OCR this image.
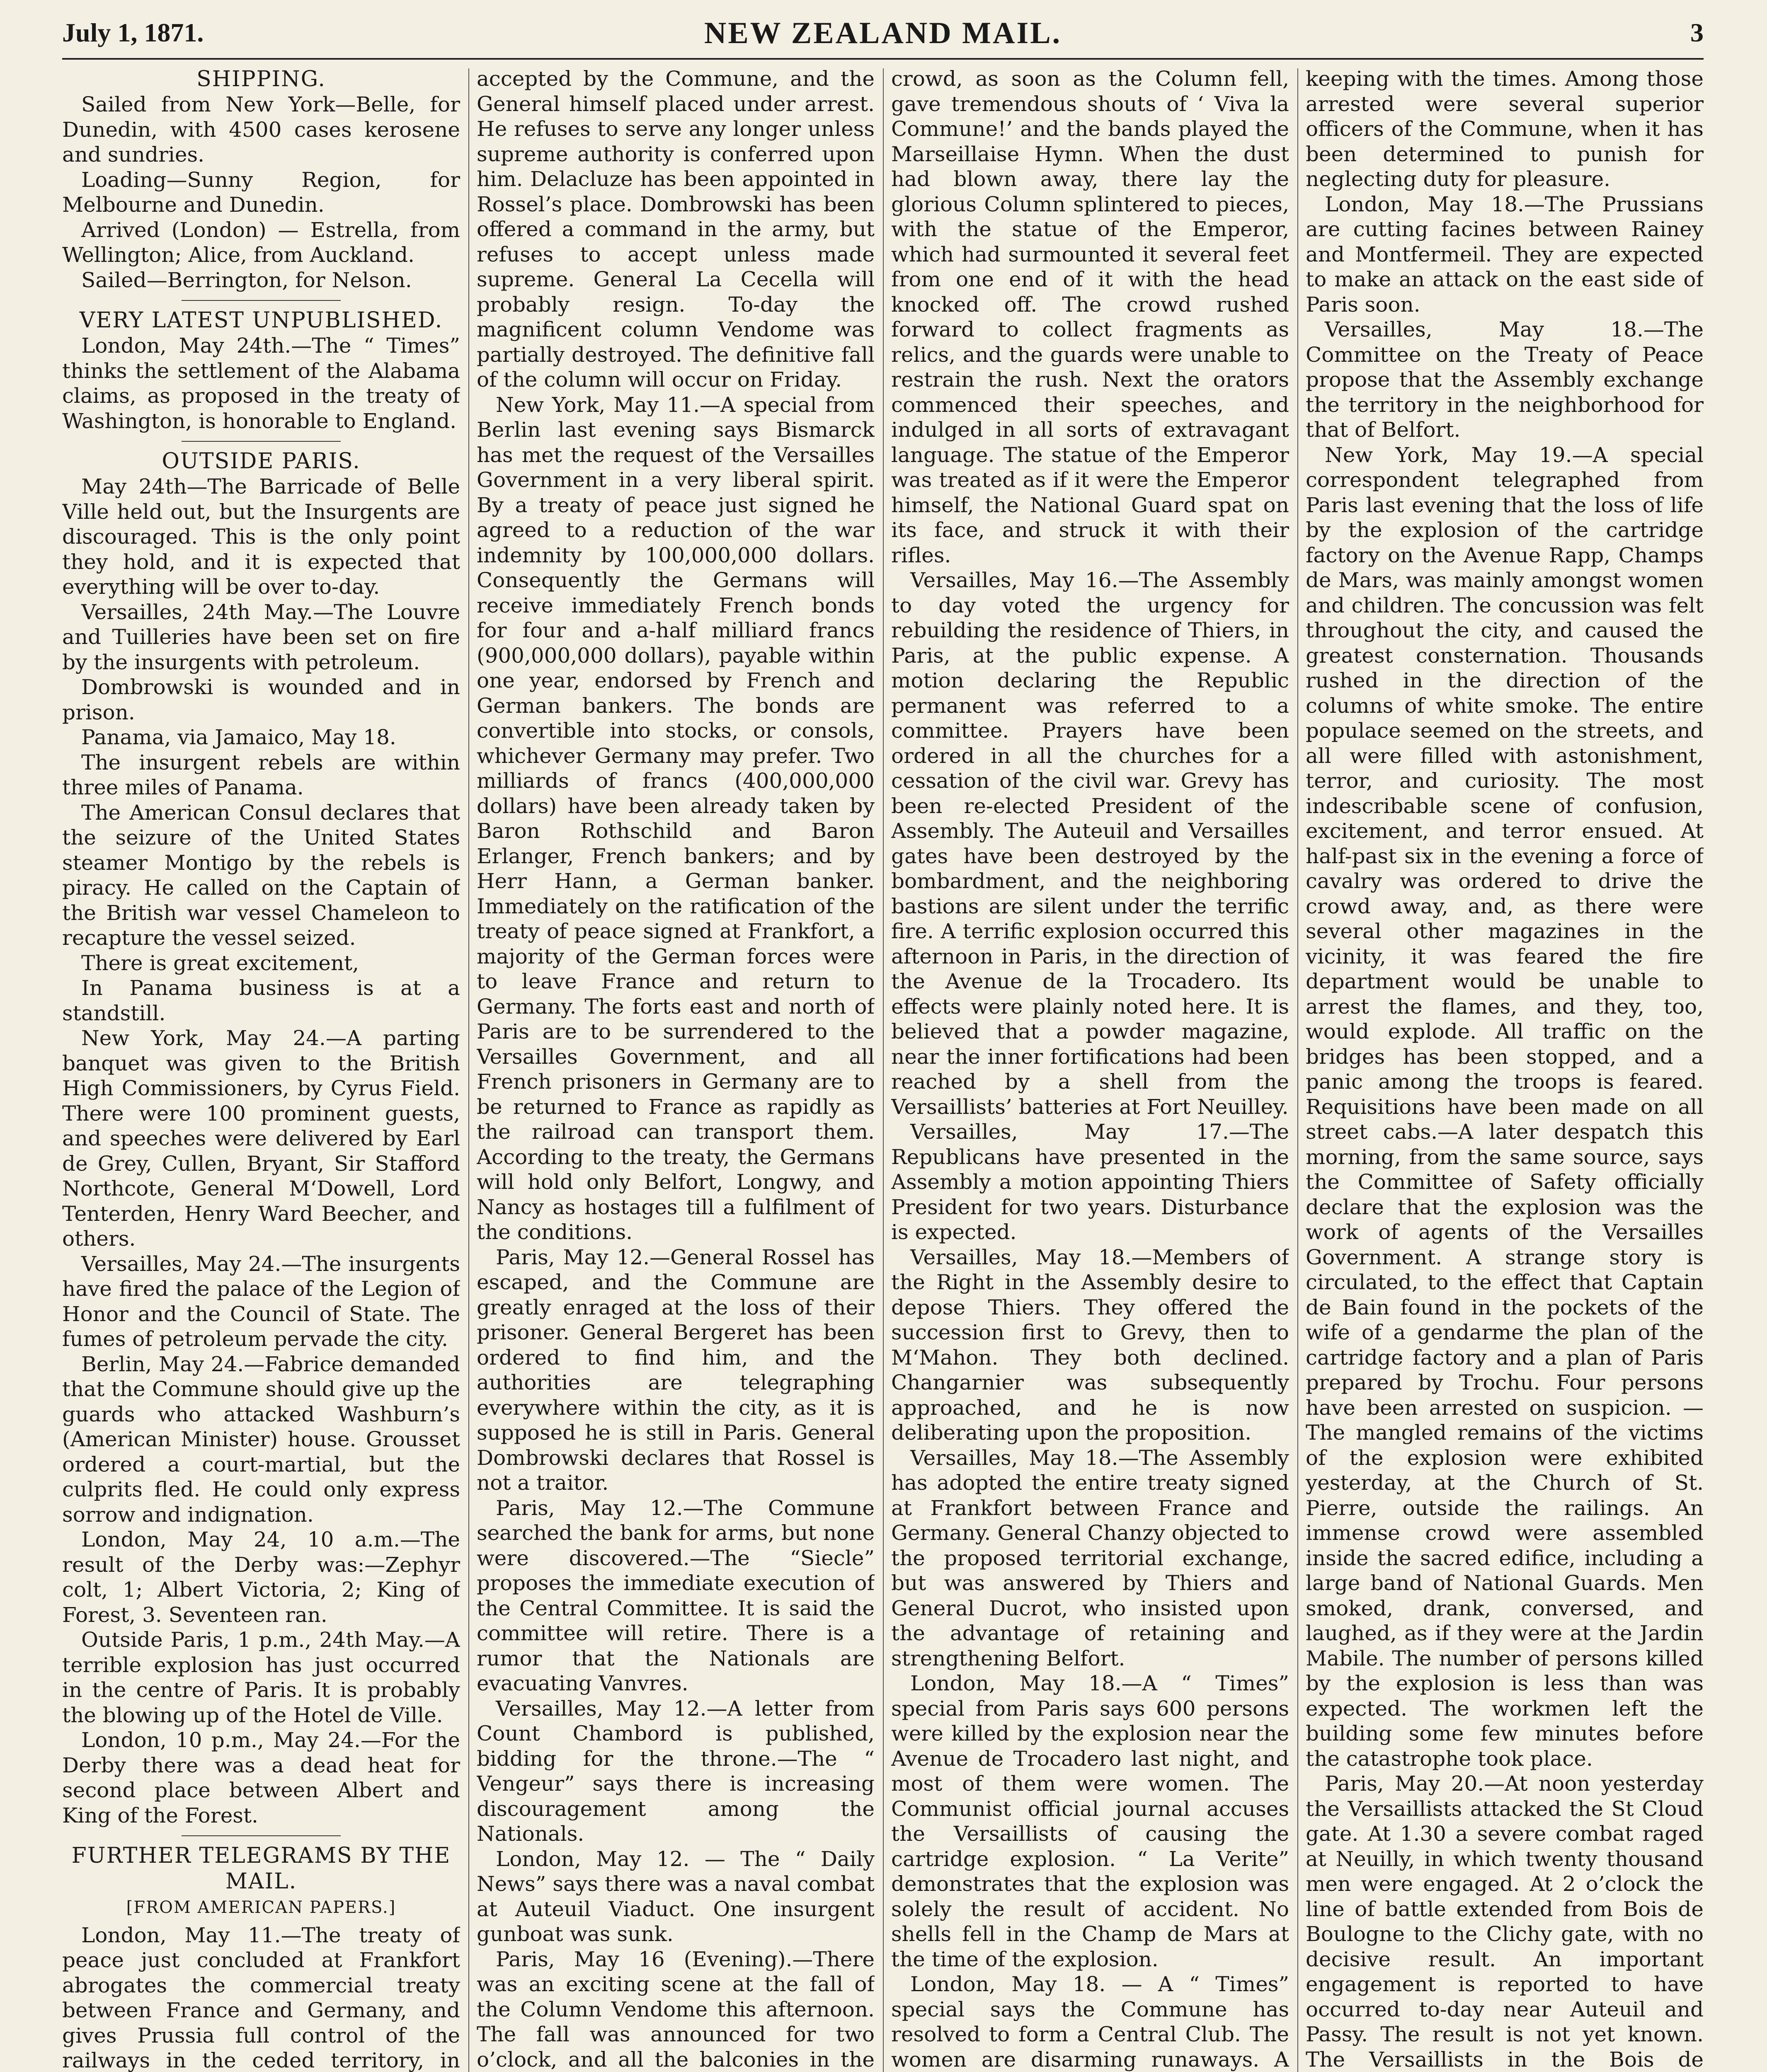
July 1, 1871.	NEW ZEALAND MAIL.	3
SHIPPING.

Sailed from New York—Belle, for Dunedin, with 4500 cases kerosene and sundries.

Loading—Sunny Region, for Melbourne and Dunedin.

Arrived (London) — Estrella, from Wellington; Alice, from Auckland.

Sailed—Berrington, for Nelson.

VERY LATEST UNPUBLISHED.

London, May 24th.—The “ Times” thinks the settlement of the Alabama claims, as proposed in the treaty of Washington, is honorable to England.

OUTSIDE PARIS.

May 24th—The Barricade of Belle Ville held out, but the Insurgents are discouraged. This is the only point they hold, and it is expected that everything will be over to-day.

Versailles, 24th May.—The Louvre and Tuilleries have been set on fire by the insurgents with petroleum.

Dombrowski is wounded and in prison.

Panama, via Jamaico, May 18.

The insurgent rebels are within three miles of Panama.

The American Consul declares that the seizure of the United States steamer Montigo by the rebels is piracy. He called on the Captain of the British war vessel Chameleon to recapture the vessel seized.

There is great excitement,

In Panama business is at a standstill.

New York, May 24.—A parting banquet was given to the British High Commissioners, by Cyrus Field. There were 100 prominent guests, and speeches were delivered by Earl de Grey, Cullen, Bryant, Sir Stafford Northcote, General M‘Dowell, Lord Tenterden, Henry Ward Beecher, and others.

Versailles, May 24.—The insurgents have fired the palace of the Legion of Honor and the Council of State. The fumes of petroleum pervade the city.

Berlin, May 24.—Fabrice demanded that the Commune should give up the guards who attacked Washburn’s (American Minister) house. Grousset ordered a court-martial, but the culprits fled. He could only express sorrow and indignation.

London, May 24, 10 a.m.—The result of the Derby was:—Zephyr colt, 1; Albert Victoria, 2; King of Forest, 3. Seventeen ran.

Outside Paris, 1 p.m., 24th May.—A terrible explosion has just occurred in the centre of Paris. It is probably the blowing up of the Hotel de Ville.

London, 10 p.m., May 24.—For the Derby there was a dead heat for second place between Albert and King of the Forest.

FURTHER TELEGRAMS BY THE MAIL.
[FROM AMERICAN PAPERS.]

London, May 11.—The treaty of peace just concluded at Frankfort abrogates the commercial treaty between France and Germany, and gives Prussia full control of the railways in the ceded territory, in

accepted by the Commune, and the General himself placed under arrest. He refuses to serve any longer unless supreme authority is conferred upon him. Delacluze has been appointed in Rossel’s place. Dombrowski has been offered a command in the army, but refuses to accept unless made supreme. General La Cecella will probably resign. To-day the magnificent column Vendome was partially destroyed. The definitive fall of the column will occur on Friday.

New York, May 11.—A special from Berlin last evening says Bismarck has met the request of the Versailles Government in a very liberal spirit. By a treaty of peace just signed he agreed to a reduction of the war indemnity by 100,000,000 dollars. Consequently the Germans will receive immediately French bonds for four and a-half milliard francs (900,000,000 dollars), payable within one year, endorsed by French and German bankers. The bonds are convertible into stocks, or consols, whichever Germany may prefer. Two milliards of francs (400,000,000 dollars) have been already taken by Baron Rothschild and Baron Erlanger, French bankers; and by Herr Hann, a German banker. Immediately on the ratification of the treaty of peace signed at Frankfort, a majority of the German forces were to leave France and return to Germany. The forts east and north of Paris are to be surrendered to the Versailles Government, and all French prisoners in Germany are to be returned to France as rapidly as the railroad can transport them. According to the treaty, the Germans will hold only Belfort, Longwy, and Nancy as hostages till a fulfilment of the conditions.

Paris, May 12.—General Rossel has escaped, and the Commune are greatly enraged at the loss of their prisoner. General Bergeret has been ordered to find him, and the authorities are telegraphing everywhere within the city, as it is supposed he is still in Paris. General Dombrowski declares that Rossel is not a traitor.

Paris, May 12.—The Commune searched the bank for arms, but none were discovered.—The “Siecle” proposes the immediate execution of the Central Committee. It is said the committee will retire. There is a rumor that the Nationals are evacuating Vanvres.

Versailles, May 12.—A letter from Count Chambord is published, bidding for the throne.—The “ Vengeur” says there is increasing discouragement among the Nationals.

London, May 12. — The “ Daily News” says there was a naval combat at Auteuil Viaduct. One insurgent gunboat was sunk.

Paris, May 16 (Evening).—There was an exciting scene at the fall of the Column Vendome this afternoon. The fall was announced for two o’clock, and all the balconies in the

crowd, as soon as the Column fell, gave tremendous shouts of ‘ Viva la Commune!’ and the bands played the Marseillaise Hymn. When the dust had blown away, there lay the glorious Column splintered to pieces, with the statue of the Emperor, which had surmounted it several feet from one end of it with the head knocked off. The crowd rushed forward to collect fragments as relics, and the guards were unable to restrain the rush. Next the orators commenced their speeches, and indulged in all sorts of extravagant language. The statue of the Emperor was treated as if it were the Emperor himself, the National Guard spat on its face, and struck it with their rifles.

Versailles, May 16.—The Assembly to day voted the urgency for rebuilding the residence of Thiers, in Paris, at the public expense. A motion declaring the Republic permanent was referred to a committee. Prayers have been ordered in all the churches for a cessation of the civil war. Grevy has been re-elected President of the Assembly. The Auteuil and Versailles gates have been destroyed by the bombardment, and the neighboring bastions are silent under the terrific fire. A terrific explosion occurred this afternoon in Paris, in the direction of the Avenue de la Trocadero. Its effects were plainly noted here. It is believed that a powder magazine, near the inner fortifications had been reached by a shell from the Versaillists’ batteries at Fort Neuilley.

Versailles, May 17.—The Republicans have presented in the Assembly a motion appointing Thiers President for two years. Disturbance is expected.

Versailles, May 18.—Members of the Right in the Assembly desire to depose Thiers. They offered the succession first to Grevy, then to M‘Mahon. They both declined. Changarnier was subsequently approached, and he is now deliberating upon the proposition.

Versailles, May 18.—The Assembly has adopted the entire treaty signed at Frankfort between France and Germany. General Chanzy objected to the proposed territorial exchange, but was answered by Thiers and General Ducrot, who insisted upon the advantage of retaining and strengthening Belfort.

London, May 18.—A “ Times” special from Paris says 600 persons were killed by the explosion near the Avenue de Trocadero last night, and most of them were women. The Communist official journal accuses the Versaillists of causing the cartridge explosion. “ La Verite” demonstrates that the explosion was solely the result of accident. No shells fell in the Champ de Mars at the time of the explosion.

London, May 18. — A “ Times” special says the Commune has resolved to form a Central Club. The women are disarming runaways. A

keeping with the times. Among those arrested were several superior officers of the Commune, when it has been determined to punish for neglecting duty for pleasure.

London, May 18.—The Prussians are cutting facines between Rainey and Montfermeil. They are expected to make an attack on the east side of Paris soon.

Versailles, May 18.—The Committee on the Treaty of Peace propose that the Assembly exchange the territory in the neighborhood for that of Belfort.

New York, May 19.—A special correspondent telegraphed from Paris last evening that the loss of life by the explosion of the cartridge factory on the Avenue Rapp, Champs de Mars, was mainly amongst women and children. The concussion was felt throughout the city, and caused the greatest consternation. Thousands rushed in the direction of the columns of white smoke. The entire populace seemed on the streets, and all were filled with astonishment, terror, and curiosity. The most indescribable scene of confusion, excitement, and terror ensued. At half-past six in the evening a force of cavalry was ordered to drive the crowd away, and, as there were several other magazines in the vicinity, it was feared the fire department would be unable to arrest the flames, and they, too, would explode. All traffic on the bridges has been stopped, and a panic among the troops is feared. Requisitions have been made on all street cabs.—A later despatch this morning, from the same source, says the Committee of Safety officially declare that the explosion was the work of agents of the Versailles Government. A strange story is circulated, to the effect that Captain de Bain found in the pockets of the wife of a gendarme the plan of the cartridge factory and a plan of Paris prepared by Trochu. Four persons have been arrested on suspicion. —The mangled remains of the victims of the explosion were exhibited yesterday, at the Church of St. Pierre, outside the railings. An immense crowd were assembled inside the sacred edifice, including a large band of National Guards. Men smoked, drank, conversed, and laughed, as if they were at the Jardin Mabile. The number of persons killed by the explosion is less than was expected. The workmen left the building some few minutes before the catastrophe took place.

Paris, May 20.—At noon yesterday the Versaillists attacked the St Cloud gate. At 1.30 a severe combat raged at Neuilly, in which twenty thousand men were engaged. At 2 o’clock the line of battle extended from Bois de Boulogne to the Clichy gate, with no decisive result. An important engagement is reported to have occurred to-day near Auteuil and Passy. The result is not yet known. The Versaillists in the Bois de
